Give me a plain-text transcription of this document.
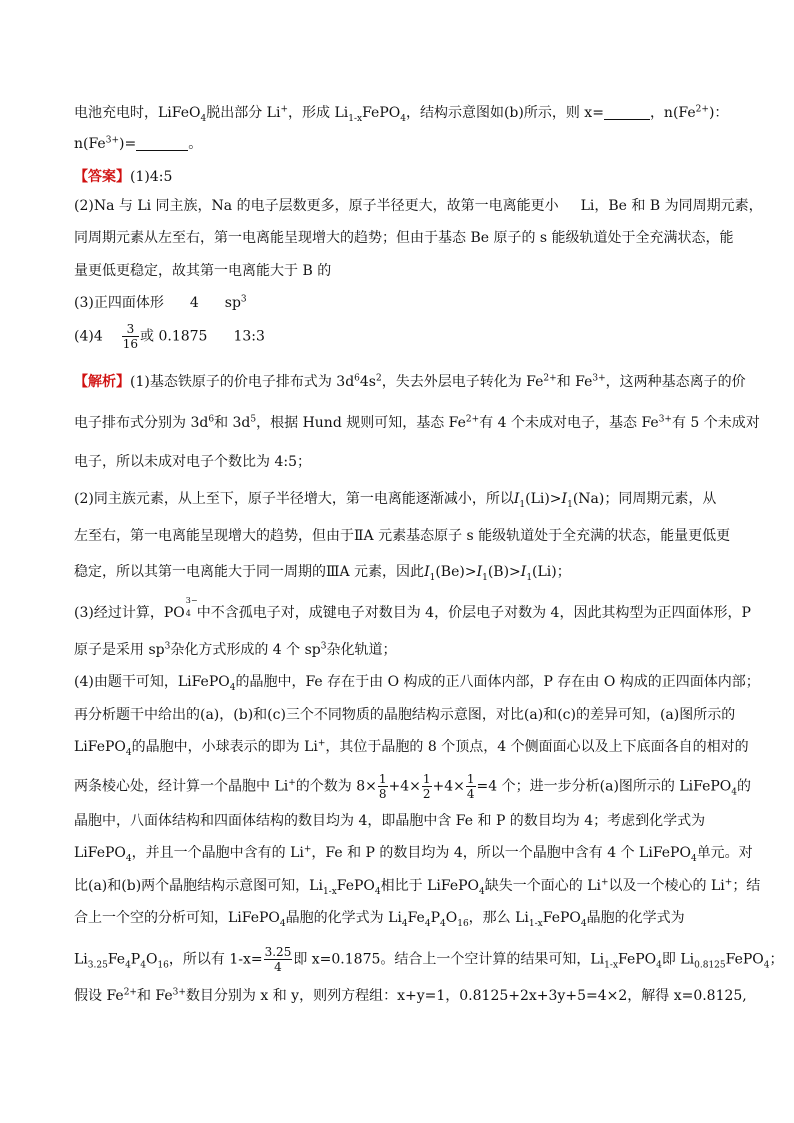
电池充电时，LiFeO$_4$脱出部分 Li+，形成 $Li_{1-x}FePO_4$，结构示意图如(b)所示，则 x=	，$n(Fe^{2+})$：
$n(Fe^{3+})=$	。
【答案】(1)4:5
(2)Na 与 Li 同主族，Na 的电子层数更多，原子半径更大，故第一电离能更小 Li，Be 和 B 为同周期元素，
同周期元素从左至右，第一电离能呈现增大的趋势；但由于基态 Be 原子的 s 能级轨道处于全充满状态，能
量更低更稳定，故其第一电离能大于 B 的
(3)正四面体形 4 $sp^3$
$(4)4 \frac{3}{16}$ 或 0.1875 13:3
【解析】(1)基态铁原子的价电子排布式为 $3d^64s^2$，失去外层电子转化为 $Fe^{2+}$和 $Fe^{3+}$，这两种基态离子的价
电子排布式分别为 $3d^6$和 $3d^5$，根据 Hund 规则可知，基态 $Fe^{2+}$有 4 个未成对电子，基态 $Fe^{3+}$有 5 个未成对
电子，所以未成对电子个数比为 4:5；
(2)同主族元素，从上至下，原子半径增大，第一电离能逐渐减小，所以$I_1(Li)>I_1(Na)$；同周期元素，从
左至右，第一电离能呈现增大的趋势，但由于ⅡA 元素基态原子 s 能级轨道处于全充满的状态，能量更低更
稳定，所以其第一电离能大于同一周期的ⅢA 元素，因此$I_1(Be)>I_1(B)>I_1(Li)$；
(3)经过计算，PO
3−
4 中不含孤电子对，成键电子对数目为 4，价层电子对数为 4，因此其构型为正四面体形，P
原子是采用 $sp^3$杂化方式形成的 4 个 $sp^3$杂化轨道；
(4)由题干可知，LiFePO$_4$的晶胞中，Fe 存在于由 O 构成的正八面体内部，P 存在由 O 构成的正四面体内部；
再分析题干中给出的(a)，(b)和(c)三个不同物质的晶胞结构示意图，对比(a)和(c)的差异可知，(a)图所示的
LiFePO$_4$的晶胞中，小球表示的即为 Li+，其位于晶胞的 8 个顶点，4 个侧面面心以及上下底面各自的相对的
两条棱心处，经计算一个晶胞中 Li+的个数为 $8\times \frac{1}{8} +4\times \frac{1}{2} +4\times \frac{1}{4} =4$ 个；进一步分析(a)图所示的 LiFePO$_4$的
晶胞中，八面体结构和四面体结构的数目均为 4，即晶胞中含 Fe 和 P 的数目均为 4；考虑到化学式为
LiFePO$_4$，并且一个晶胞中含有的 Li+，Fe 和 P 的数目均为 4，所以一个晶胞中含有 4 个 LiFePO$_4$单元。对
比(a)和(b)两个晶胞结构示意图可知，$Li_{1-x}FePO_4$相比于 LiFePO$_4$缺失一个面心的 Li+以及一个棱心的 Li+；结
合上一个空的分析可知，LiFePO$_4$晶胞的化学式为 $Li_4Fe_4P_4O_{16}$，那么 $Li_{1-x}FePO_4$晶胞的化学式为
$Li_{3.25}Fe_4P_4O_{16}$，所以有 $1-x= \frac{3.25}{4}$ 即 x=0.1875。结合上一个空计算的结果可知，$Li_{1-x}FePO_4$即 $Li_{0.8125}FePO_4$；
假设 $Fe^{2+}$和 $Fe^{3+}$数目分别为 x 和 y，则列方程组：x+y=1，0.8125+2x+3y+5=4×2，解得 x=0.8125,
